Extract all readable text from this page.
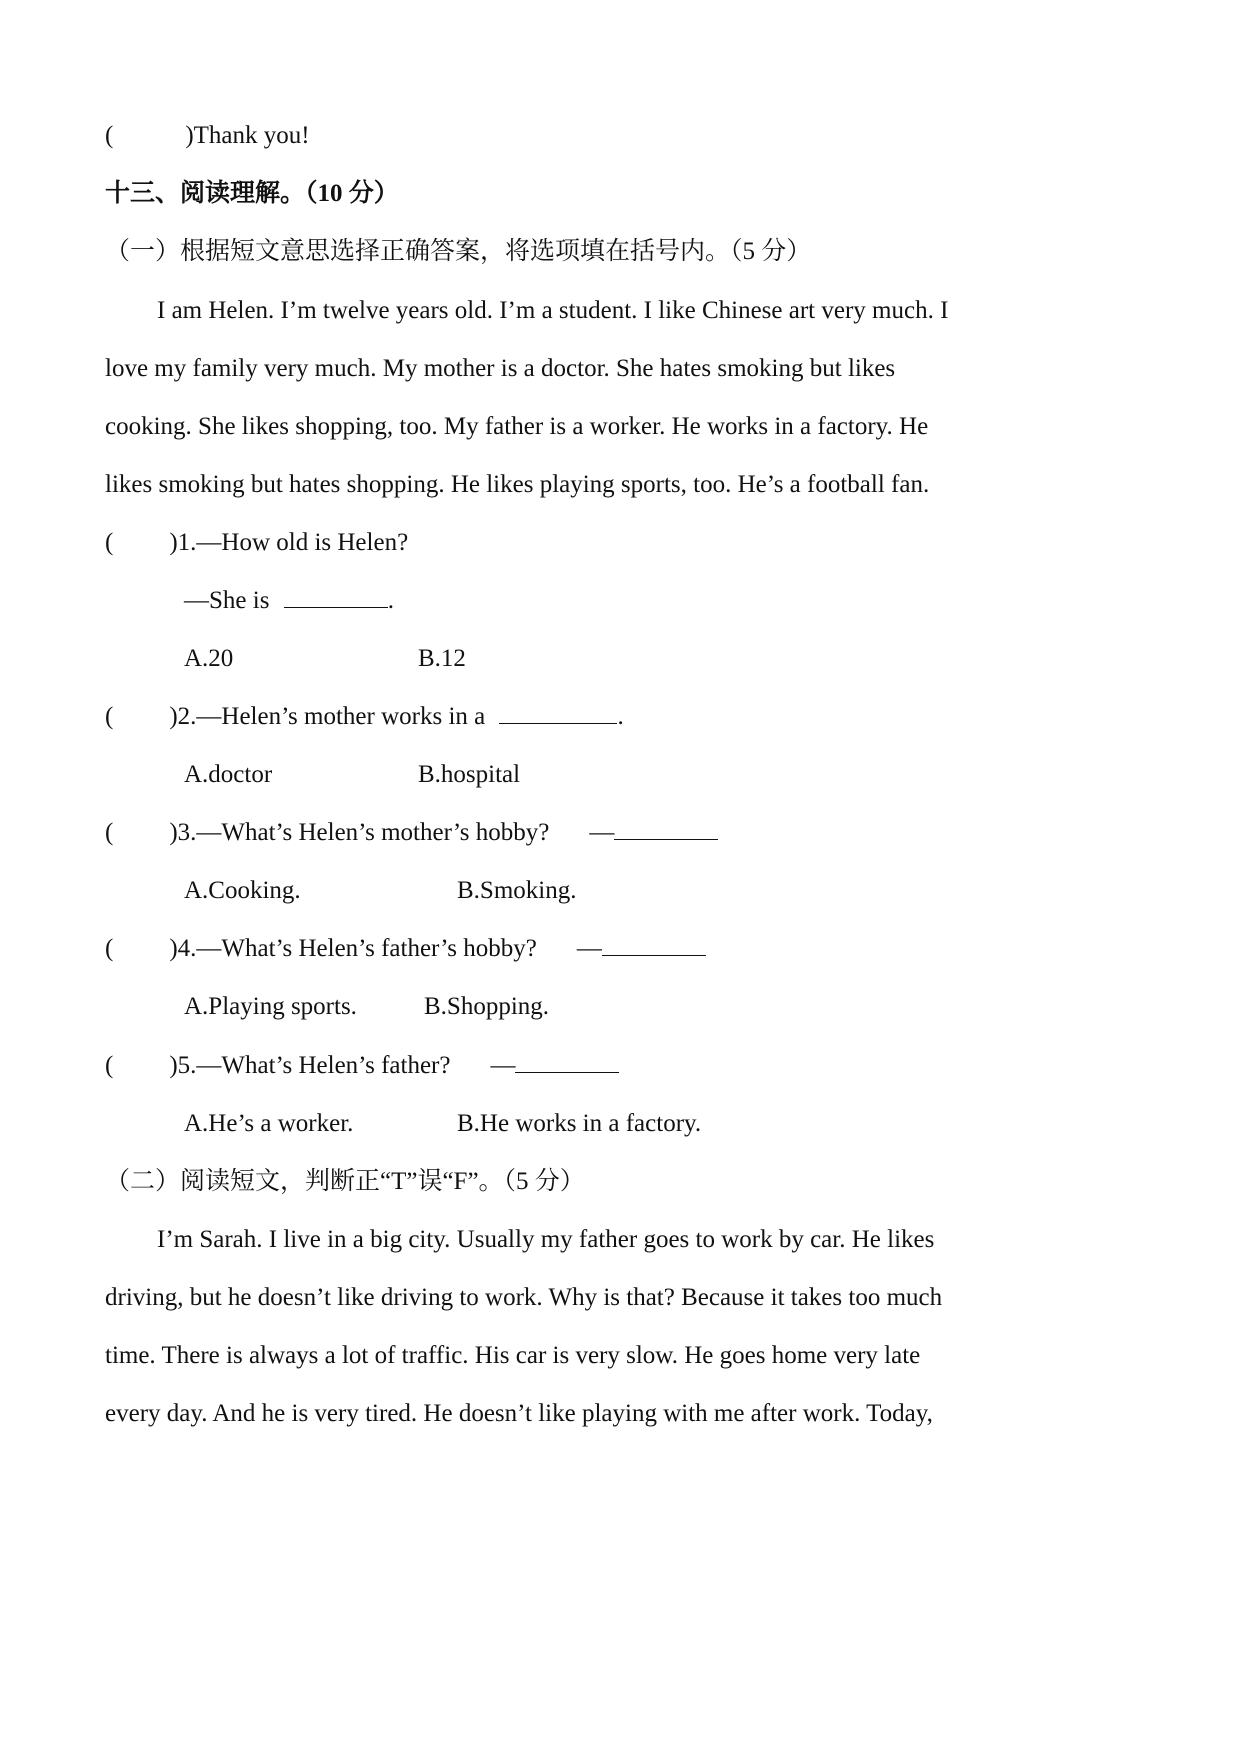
(	)Thank you!
十三、阅读理解。（10 分）
（一）根据短文意思选择正确答案，将选项填在括号内。（5 分）
I am Helen. I’m twelve years old. I’m a student. I like Chinese art very much. I
love my family very much. My mother is a doctor. She hates smoking but likes
cooking. She likes shopping, too. My father is a worker. He works in a factory. He
likes smoking but hates shopping. He likes playing sports, too. He’s a football fan.
( )1.—How old is Helen?
—She is	.
A.20	B.12
( )2.—Helen’s mother works in a	.
A.doctor	B.hospital
( )3.—What’s Helen’s mother’s hobby? —
A.Cooking.	B.Smoking.
( )4.—What’s Helen’s father’s hobby? —
A.Playing sports.	B.Shopping.
( )5.—What’s Helen’s father? —
A.He’s a worker.	B.He works in a factory.
（二）阅读短文，判断正“T”误“F”。（5 分）
I’m Sarah. I live in a big city. Usually my father goes to work by car. He likes
driving, but he doesn’t like driving to work. Why is that? Because it takes too much
time. There is always a lot of traffic. His car is very slow. He goes home very late
every day. And he is very tired. He doesn’t like playing with me after work. Today,
